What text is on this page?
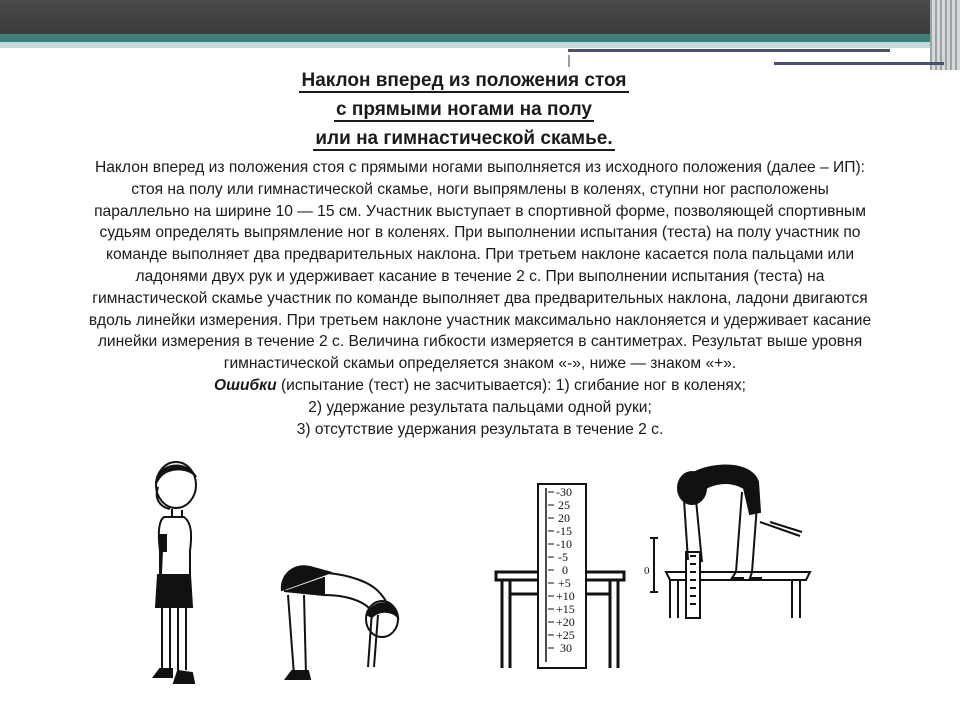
Наклон вперед из положения стоя
с прямыми ногами на полу
или на гимнастической скамье.
Наклон вперед из положения стоя с прямыми ногами выполняется из исходного положения (далее – ИП):
стоя на полу или гимнастической скамье, ноги выпрямлены в коленях, ступни ног расположены
параллельно на ширине 10 — 15 см. Участник выступает в спортивной форме, позволяющей спортивным
судьям определять выпрямление ног в коленях. При выполнении испытания (теста) на полу участник по
команде выполняет два предварительных наклона. При третьем наклоне касается пола пальцами или
ладонями двух рук и удерживает касание в течение 2 с. При выполнении испытания (теста) на
гимнастической скамье участник по команде выполняет два предварительных наклона, ладони двигаются
вдоль линейки измерения. При третьем наклоне участник максимально наклоняется и удерживает касание
линейки измерения в течение 2 с. Величина гибкости измеряется в сантиметрах. Результат выше уровня
гимнастической скамьи определяется знаком «-», ниже — знаком «+».
Ошибки (испытание (тест) не засчитывается): 1) сгибание ног в коленях;
2) удержание результата пальцами одной руки;
3) отсутствие удержания результата в течение 2 с.
-30
25
20
-15
-10
-5
0
+5
+10
+15
+20
+25
30
0
